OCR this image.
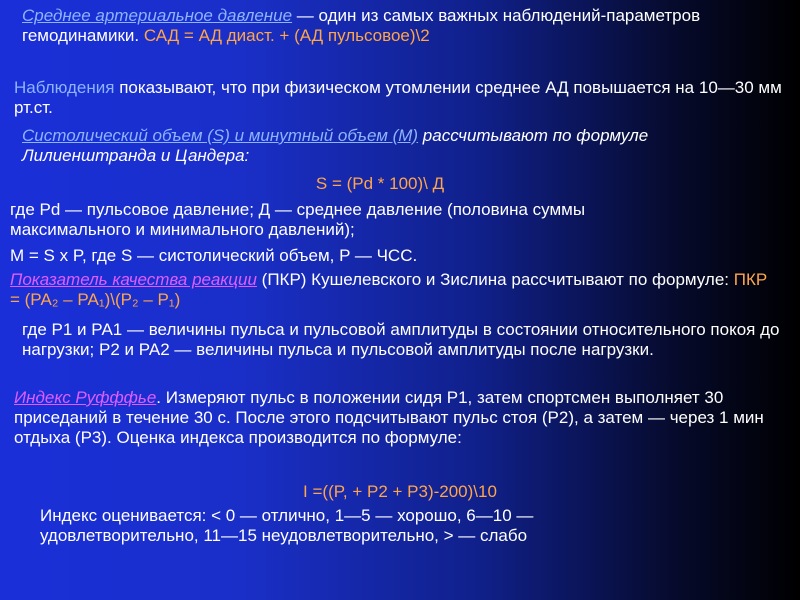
Среднее артериальное давление — один из самых важных наблюдений-параметров гемодинамики. САД = АД диаст. + (АД пульсовое)\2

Наблюдения показывают, что при физическом утомлении среднее АД повышается на 10—30 мм рт.ст.

Систолический объем (S) и минутный объем (M) рассчитывают по формуле Лилиенштранда и Цандера:

S = (Pd * 100)\ Д

где Pd — пульсовое давление; Д — среднее давление (половина суммы максимального и минимального давлений);

M = S x P, где S — систолический объем, P — ЧСС.

Показатель качества реакции (ПКР) Кушелевского и Зислина рассчитывают по формуле: ПКР = (РА₂ – РА₁)\(Р₂ – Р₁)

где Р1 и РА1 — величины пульса и пульсовой амплитуды в состоянии относительного покоя до нагрузки; Р2 и РА2 — величины пульса и пульсовой амплитуды после нагрузки.

Индекс Руфффье. Измеряют пульс в положении сидя Р1, затем спортсмен выполняет 30 приседаний в течение 30 с. После этого подсчитывают пульс стоя (Р2), а затем — через 1 мин отдыха (Р3). Оценка индекса производится по формуле:

I =((P, + P2 + P3)-200)\10

Индекс оценивается: < 0 — отлично, 1—5 — хорошо, 6—10 — удовлетворительно, 11—15 неудовлетворительно, > — слабо
